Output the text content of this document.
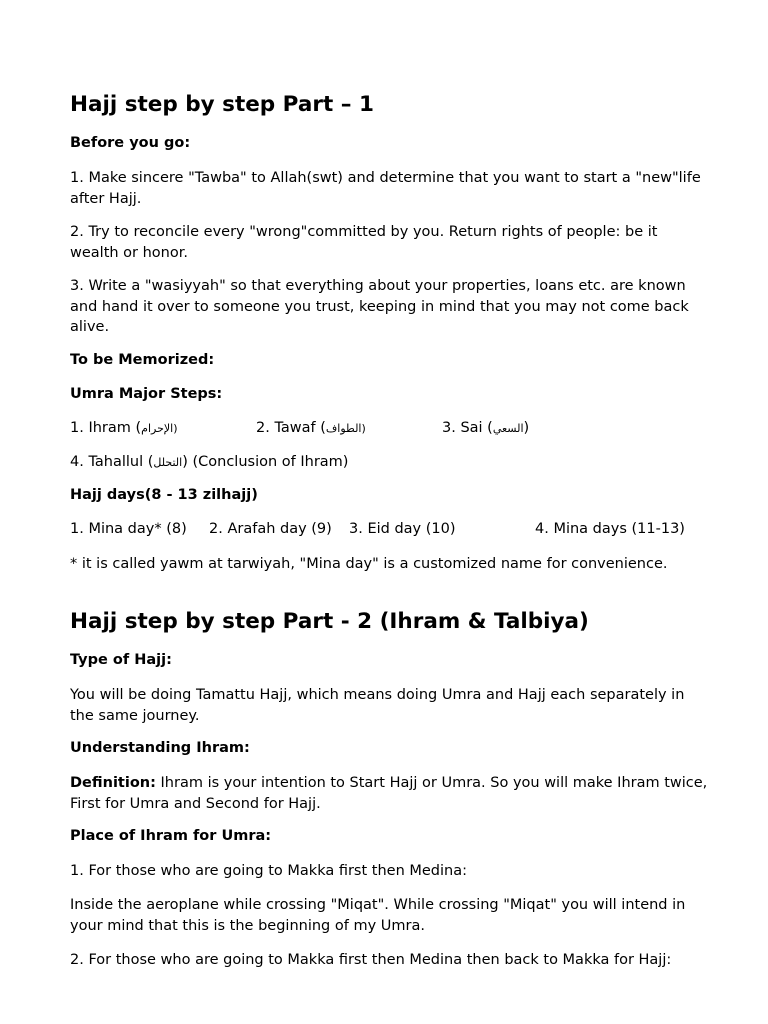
Hajj step by step Part – 1
Before you go:
1. Make sincere "Tawba" to Allah(swt) and determine that you want to start a "new"life after Hajj.
2. Try to reconcile every "wrong"committed by you. Return rights of people: be it wealth or honor.
3. Write a "wasiyyah" so that everything about your properties, loans etc. are known and hand it over to someone you trust, keeping in mind that you may not come back alive.
To be Memorized:
Umra Major Steps:
1. Ihram ((الإحرام	2. Tawaf ((الطواف	3. Sai (السعي)
4. Tahallul (التحلل) (Conclusion of Ihram)
Hajj days(8 - 13 zilhajj)
1. Mina day* (8) 2. Arafah day (9) 3. Eid day (10)	4. Mina days (11-13)
* it is called yawm at tarwiyah, "Mina day" is a customized name for convenience.
Hajj step by step Part - 2 (Ihram & Talbiya)
Type of Hajj:
You will be doing Tamattu Hajj, which means doing Umra and Hajj each separately in the same journey.
Understanding Ihram:
Definition: Ihram is your intention to Start Hajj or Umra. So you will make Ihram twice, First for Umra and Second for Hajj.
Place of Ihram for Umra:
1. For those who are going to Makka first then Medina:
Inside the aeroplane while crossing "Miqat". While crossing "Miqat" you will intend in your mind that this is the beginning of my Umra.
2. For those who are going to Makka first then Medina then back to Makka for Hajj:
